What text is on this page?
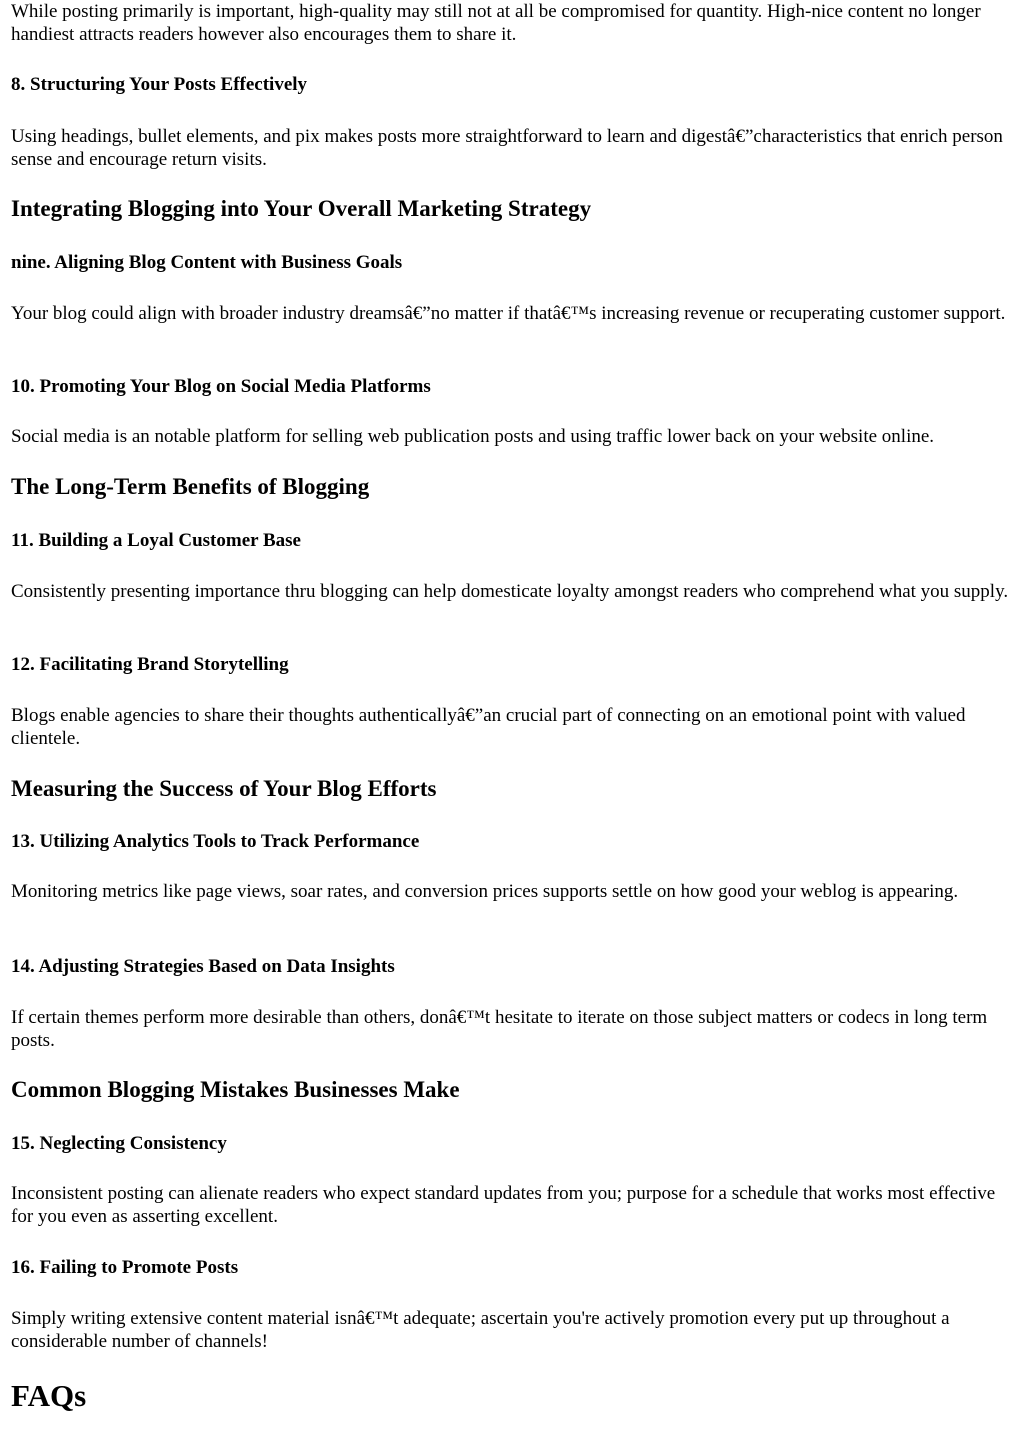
While posting primarily is important, high-quality may still not at all be compromised for quantity. High-nice content no longer handiest attracts readers however also encourages them to share it.

8. Structuring Your Posts Effectively

Using headings, bullet elements, and pix makes posts more straightforward to learn and digestâ€”characteristics that enrich person sense and encourage return visits.

Integrating Blogging into Your Overall Marketing Strategy
nine. Aligning Blog Content with Business Goals

Your blog could align with broader industry dreamsâ€”no matter if thatâ€™s increasing revenue or recuperating customer support.

10. Promoting Your Blog on Social Media Platforms

Social media is an notable platform for selling web publication posts and using traffic lower back on your website online.

The Long-Term Benefits of Blogging
11. Building a Loyal Customer Base

Consistently presenting importance thru blogging can help domesticate loyalty amongst readers who comprehend what you supply.

12. Facilitating Brand Storytelling

Blogs enable agencies to share their thoughts authenticallyâ€”an crucial part of connecting on an emotional point with valued clientele.

Measuring the Success of Your Blog Efforts
13. Utilizing Analytics Tools to Track Performance

Monitoring metrics like page views, soar rates, and conversion prices supports settle on how good your weblog is appearing.

14. Adjusting Strategies Based on Data Insights

If certain themes perform more desirable than others, donâ€™t hesitate to iterate on those subject matters or codecs in long term posts.

Common Blogging Mistakes Businesses Make
15. Neglecting Consistency

Inconsistent posting can alienate readers who expect standard updates from you; purpose for a schedule that works most effective for you even as asserting excellent.

16. Failing to Promote Posts

Simply writing extensive content material isnâ€™t adequate; ascertain you're actively promotion every put up throughout a considerable number of channels!

FAQs
